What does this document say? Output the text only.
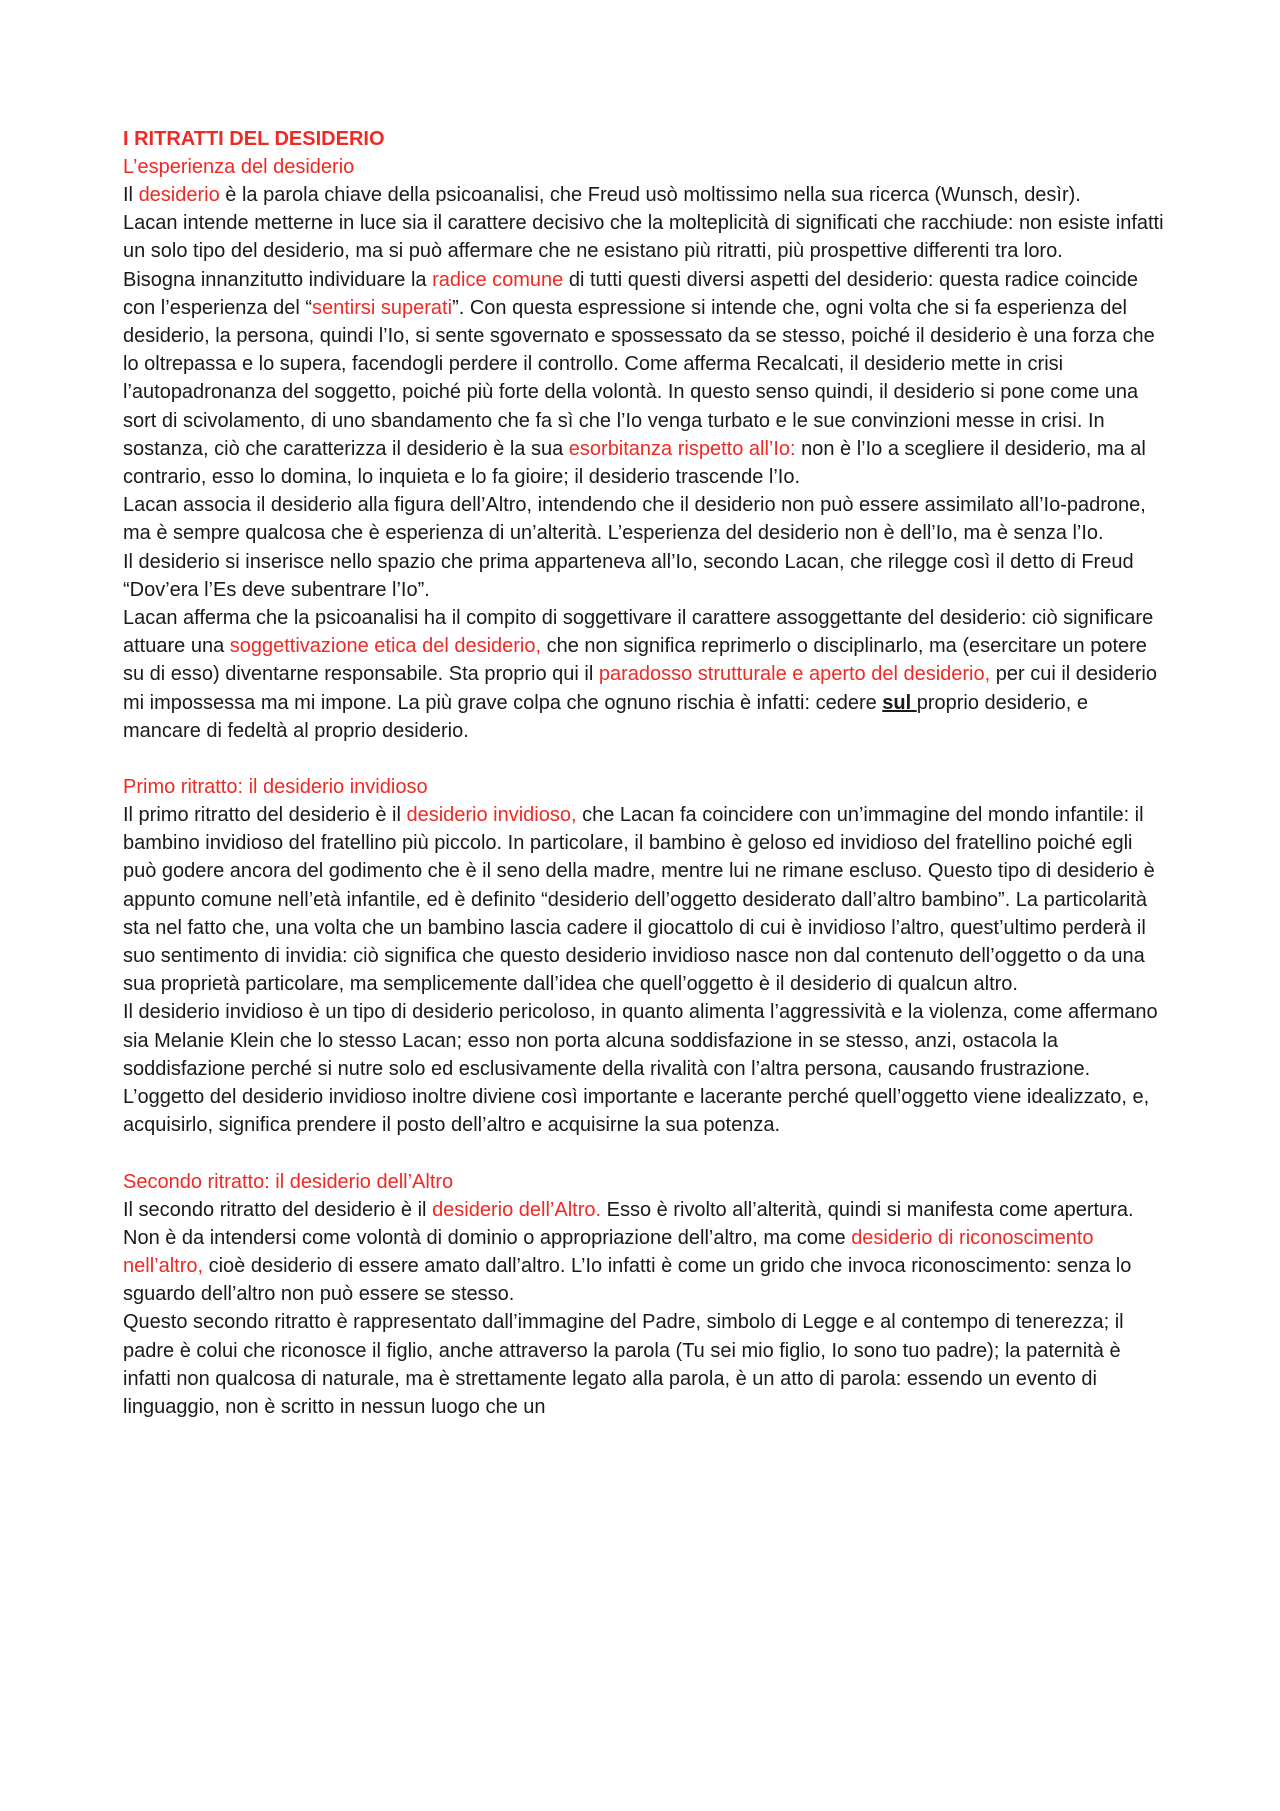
I RITRATTI DEL DESIDERIO
L’esperienza del desiderio

Il desiderio è la parola chiave della psicoanalisi, che Freud usò moltissimo nella sua ricerca (Wunsch, desìr).

Lacan intende metterne in luce sia il carattere decisivo che la molteplicità di significati che racchiude: non esiste infatti un solo tipo del desiderio, ma si può affermare che ne esistano più ritratti, più prospettive differenti tra loro.

Bisogna innanzitutto individuare la radice comune di tutti questi diversi aspetti del desiderio: questa radice coincide con l’esperienza del “sentirsi superati”. Con questa espressione si intende che, ogni volta che si fa esperienza del desiderio, la persona, quindi l’Io, si sente sgovernato e spossessato da se stesso, poiché il desiderio è una forza che lo oltrepassa e lo supera, facendogli perdere il controllo. Come afferma Recalcati, il desiderio mette in crisi l’autopadronanza del soggetto, poiché più forte della volontà. In questo senso quindi, il desiderio si pone come una sort di scivolamento, di uno sbandamento che fa sì che l’Io venga turbato e le sue convinzioni messe in crisi. In sostanza, ciò che caratterizza il desiderio è la sua esorbitanza rispetto all’Io: non è l’Io a scegliere il desiderio, ma al contrario, esso lo domina, lo inquieta e lo fa gioire; il desiderio trascende l’Io.

Lacan associa il desiderio alla figura dell’Altro, intendendo che il desiderio non può essere assimilato all’Io-padrone, ma è sempre qualcosa che è esperienza di un’alterità. L’esperienza del desiderio non è dell’Io, ma è senza l’Io.

Il desiderio si inserisce nello spazio che prima apparteneva all’Io, secondo Lacan, che rilegge così il detto di Freud “Dov’era l’Es deve subentrare l’Io”.

Lacan afferma che la psicoanalisi ha il compito di soggettivare il carattere assoggettante del desiderio: ciò significare attuare una soggettivazione etica del desiderio, che non significa reprimerlo o disciplinarlo, ma (esercitare un potere su di esso) diventarne responsabile. Sta proprio qui il paradosso strutturale e aperto del desiderio, per cui il desiderio mi impossessa ma mi impone. La più grave colpa che ognuno rischia è infatti: cedere sul proprio desiderio, e mancare di fedeltà al proprio desiderio.

Primo ritratto: il desiderio invidioso

Il primo ritratto del desiderio è il desiderio invidioso, che Lacan fa coincidere con un’immagine del mondo infantile: il bambino invidioso del fratellino più piccolo. In particolare, il bambino è geloso ed invidioso del fratellino poiché egli può godere ancora del godimento che è il seno della madre, mentre lui ne rimane escluso. Questo tipo di desiderio è appunto comune nell’età infantile, ed è definito “desiderio dell’oggetto desiderato dall’altro bambino”. La particolarità sta nel fatto che, una volta che un bambino lascia cadere il giocattolo di cui è invidioso l’altro, quest’ultimo perderà il suo sentimento di invidia: ciò significa che questo desiderio invidioso nasce non dal contenuto dell’oggetto o da una sua proprietà particolare, ma semplicemente dall’idea che quell’oggetto è il desiderio di qualcun altro.

Il desiderio invidioso è un tipo di desiderio pericoloso, in quanto alimenta l’aggressività e la violenza, come affermano sia Melanie Klein che lo stesso Lacan; esso non porta alcuna soddisfazione in se stesso, anzi, ostacola la soddisfazione perché si nutre solo ed esclusivamente della rivalità con l’altra persona, causando frustrazione. L’oggetto del desiderio invidioso inoltre diviene così importante e lacerante perché quell’oggetto viene idealizzato, e, acquisirlo, significa prendere il posto dell’altro e acquisirne la sua potenza.

Secondo ritratto: il desiderio dell’Altro

Il secondo ritratto del desiderio è il desiderio dell’Altro. Esso è rivolto all’alterità, quindi si manifesta come apertura. Non è da intendersi come volontà di dominio o appropriazione dell’altro, ma come desiderio di riconoscimento nell’altro, cioè desiderio di essere amato dall’altro. L’Io infatti è come un grido che invoca riconoscimento: senza lo sguardo dell’altro non può essere se stesso.

Questo secondo ritratto è rappresentato dall’immagine del Padre, simbolo di Legge e al contempo di tenerezza; il padre è colui che riconosce il figlio, anche attraverso la parola (Tu sei mio figlio, Io sono tuo padre); la paternità è infatti non qualcosa di naturale, ma è strettamente legato alla parola, è un atto di parola: essendo un evento di linguaggio, non è scritto in nessun luogo che un
